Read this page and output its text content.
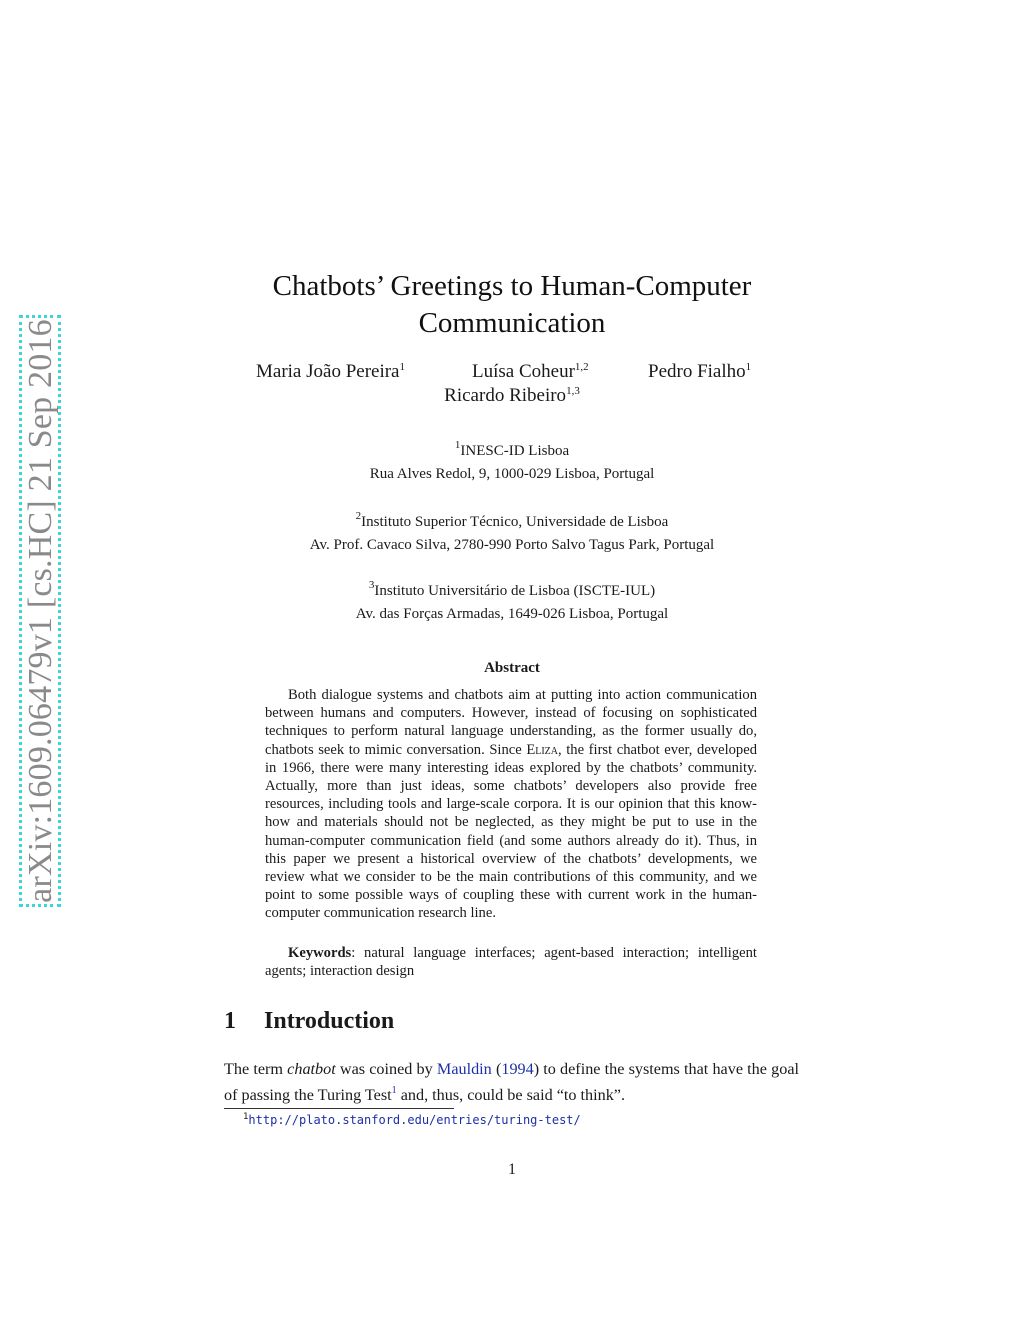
arXiv:1609.06479v1 [cs.HC] 21 Sep 2016
Chatbots’ Greetings to Human-Computer
Communication
Maria João Pereira$^1$	Luísa Coheur$^{1,2}$	Pedro Fialho$^1$
Ricardo Ribeiro$^{1,3}$
$^1$INESC-ID Lisboa
Rua Alves Redol, 9, 1000-029 Lisboa, Portugal
$^2$Instituto Superior Técnico, Universidade de Lisboa
Av. Prof. Cavaco Silva, 2780-990 Porto Salvo Tagus Park, Portugal
$^3$Instituto Universitário de Lisboa (ISCTE-IUL)
Av. das Forças Armadas, 1649-026 Lisboa, Portugal
Abstract
Both dialogue systems and chatbots aim at putting into action communication between humans and computers. However, instead of focusing on sophisticated techniques to perform natural language understanding, as the former usually do, chatbots seek to mimic conversation. Since Eliza, the first chatbot ever, developed in 1966, there were many interesting ideas explored by the chatbots’ community. Actually, more than just ideas, some chatbots’ developers also provide free resources, including tools and large-scale corpora. It is our opinion that this know-how and materials should not be neglected, as they might be put to use in the human-computer communication field (and some authors already do it). Thus, in this paper we present a historical overview of the chatbots’ developments, we review what we consider to be the main contributions of this community, and we point to some possible ways of coupling these with current work in the human-computer communication research line.
Keywords: natural language interfaces; agent-based interaction; intelligent agents; interaction design
1 Introduction
The term chatbot was coined by Mauldin (1994) to define the systems that have the goal of passing the Turing Test$^1$ and, thus, could be said “to think”.
$^1$http://plato.stanford.edu/entries/turing-test/
1
